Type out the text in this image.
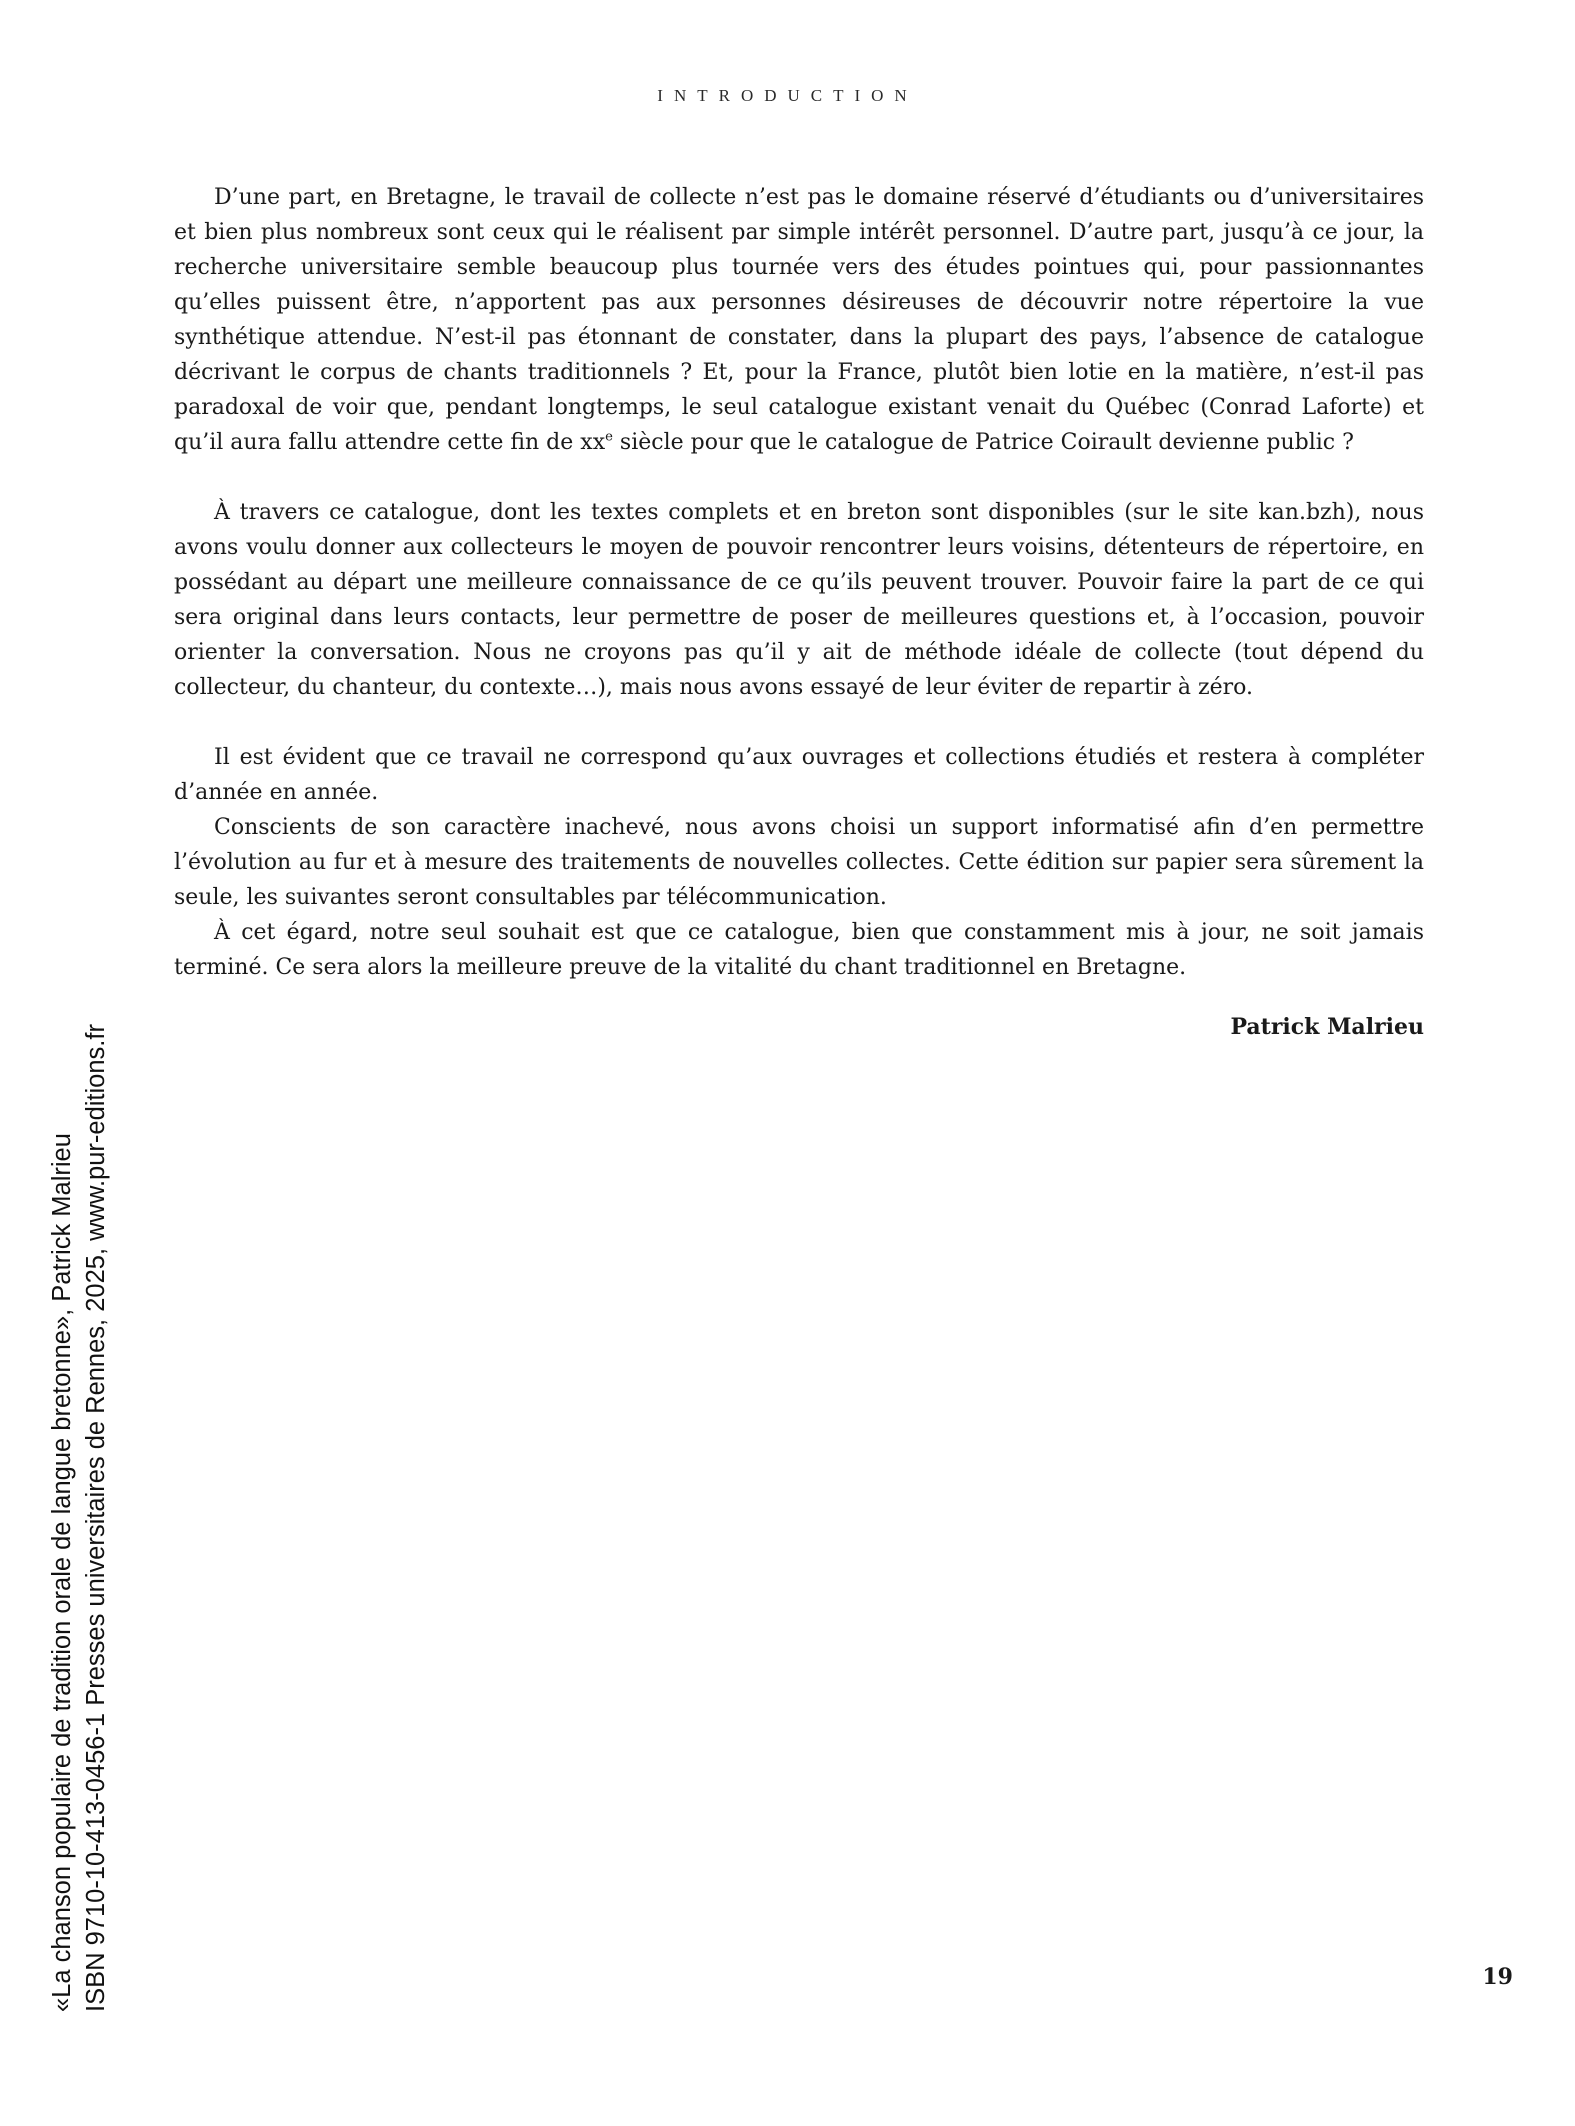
INTRODUCTION

D’une part, en Bretagne, le travail de collecte n’est pas le domaine réservé d’étudiants ou d’universitaires et bien plus nombreux sont ceux qui le réalisent par simple intérêt personnel. D’autre part, jusqu’à ce jour, la recherche universitaire semble beaucoup plus tournée vers des études pointues qui, pour passionnantes qu’elles puissent être, n’apportent pas aux personnes désireuses de découvrir notre répertoire la vue synthétique attendue. N’est-il pas étonnant de constater, dans la plupart des pays, l’absence de catalogue décrivant le corpus de chants traditionnels ? Et, pour la France, plutôt bien lotie en la matière, n’est-il pas paradoxal de voir que, pendant longtemps, le seul catalogue existant venait du Québec (Conrad Laforte) et qu’il aura fallu attendre cette fin de $xx^e$ siècle pour que le catalogue de Patrice Coirault devienne public ?

À travers ce catalogue, dont les textes complets et en breton sont disponibles (sur le site kan.bzh), nous avons voulu donner aux collecteurs le moyen de pouvoir rencontrer leurs voisins, détenteurs de répertoire, en possédant au départ une meilleure connaissance de ce qu’ils peuvent trouver. Pouvoir faire la part de ce qui sera original dans leurs contacts, leur permettre de poser de meilleures questions et, à l’occasion, pouvoir orienter la conversation. Nous ne croyons pas qu’il y ait de méthode idéale de collecte (tout dépend du collecteur, du chanteur, du contexte…), mais nous avons essayé de leur éviter de repartir à zéro.

Il est évident que ce travail ne correspond qu’aux ouvrages et collections étudiés et restera à compléter d’année en année.

Conscients de son caractère inachevé, nous avons choisi un support informatisé afin d’en permettre l’évolution au fur et à mesure des traitements de nouvelles collectes. Cette édition sur papier sera sûrement la seule, les suivantes seront consultables par télécommunication.

À cet égard, notre seul souhait est que ce catalogue, bien que constamment mis à jour, ne soit jamais terminé. Ce sera alors la meilleure preuve de la vitalité du chant traditionnel en Bretagne.

Patrick Malrieu
19
«La chanson populaire de tradition orale de langue bretonne», Patrick Malrieu ISBN 9710-10-413-0456-1 Presses universitaires de Rennes, 2025, www.pur-editions.fr
